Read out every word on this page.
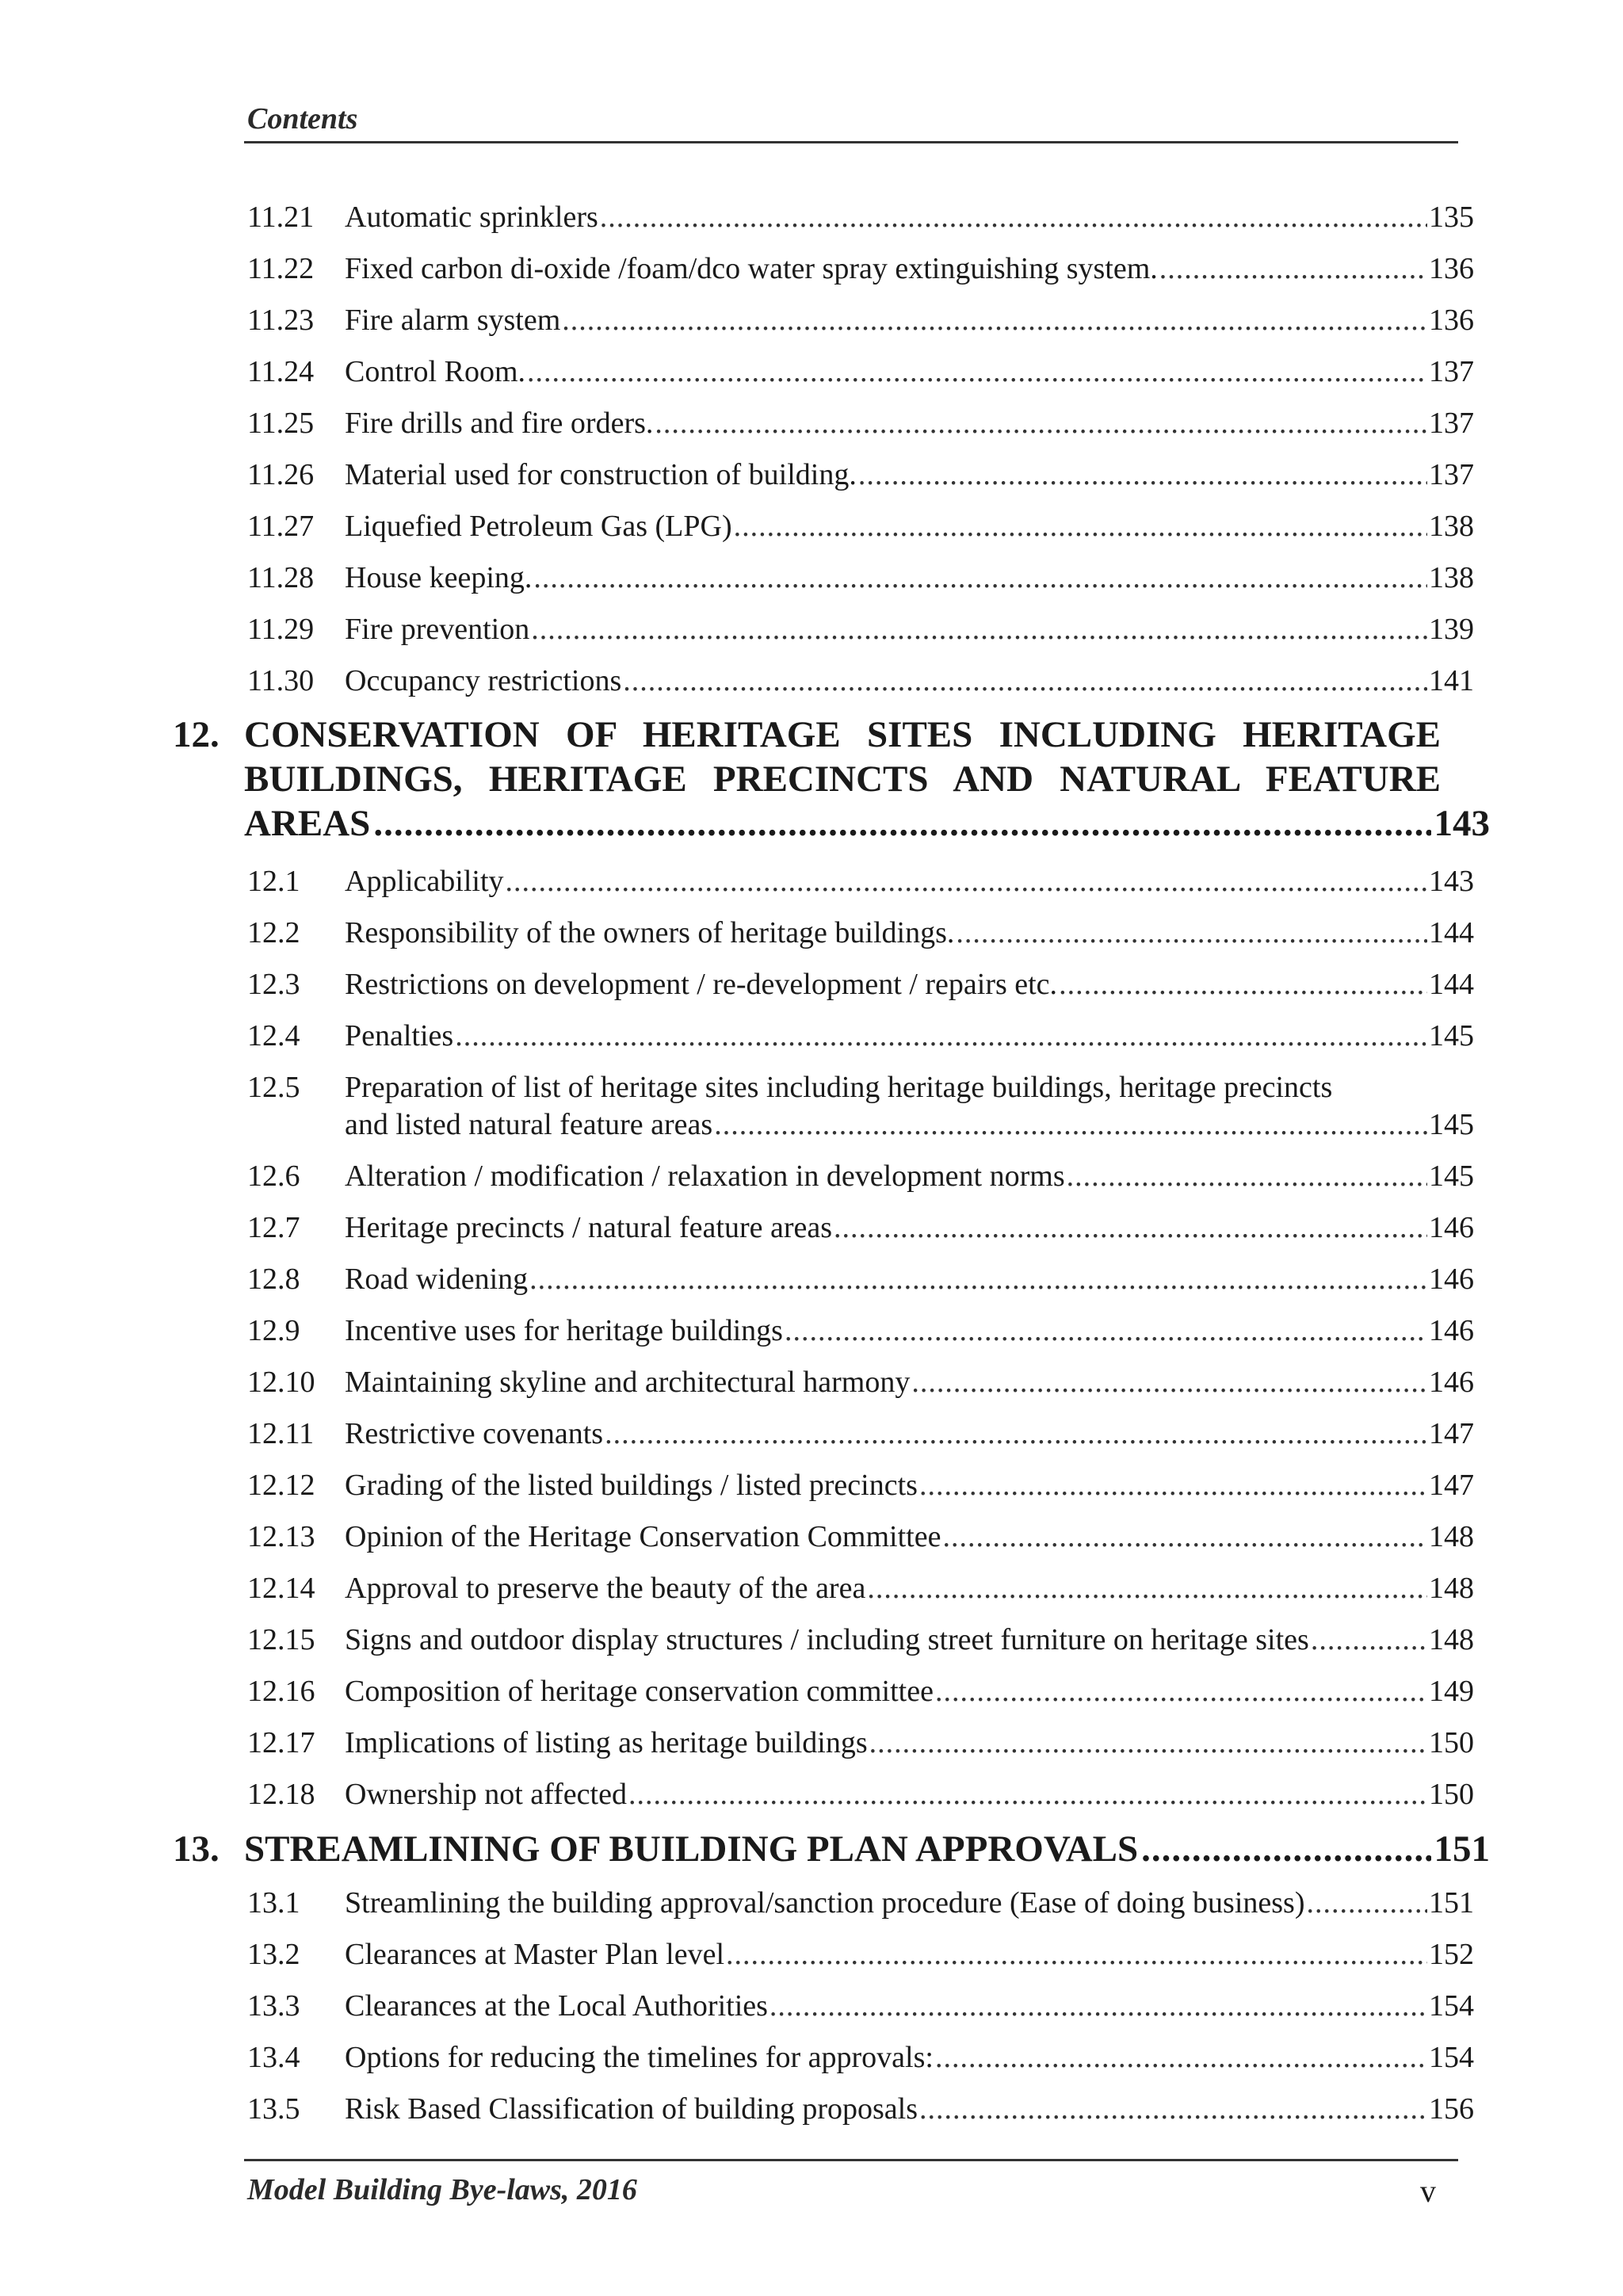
Contents
11.21 Automatic sprinklers .....	135
11.22 Fixed carbon di-oxide /foam/dco water spray extinguishing system. .....	136
11.23 Fire alarm system .....	136
11.24 Control Room. .....	137
11.25 Fire drills and fire orders. .....	137
11.26 Material used for construction of building. .....	137
11.27 Liquefied Petroleum Gas (LPG) .....	138
11.28 House keeping. .....	138
11.29 Fire prevention .....	139
11.30 Occupancy restrictions .....	141
12. CONSERVATION OF HERITAGE SITES INCLUDING HERITAGE
BUILDINGS, HERITAGE PRECINCTS AND NATURAL FEATURE
AREAS .....	143
12.1 Applicability .....	143
12.2 Responsibility of the owners of heritage buildings. .....	144
12.3 Restrictions on development / re-development / repairs etc. .....	144
12.4 Penalties .....	145
12.5 Preparation of list of heritage sites including heritage buildings, heritage precincts
and listed natural feature areas .....	145
12.6 Alteration / modification / relaxation in development norms .....	145
12.7 Heritage precincts / natural feature areas .....	146
12.8 Road widening .....	146
12.9 Incentive uses for heritage buildings .....	146
12.10 Maintaining skyline and architectural harmony .....	146
12.11 Restrictive covenants .....	147
12.12 Grading of the listed buildings / listed precincts .....	147
12.13 Opinion of the Heritage Conservation Committee .....	148
12.14 Approval to preserve the beauty of the area .....	148
12.15 Signs and outdoor display structures / including street furniture on heritage sites .....	148
12.16 Composition of heritage conservation committee .....	149
12.17 Implications of listing as heritage buildings .....	150
12.18 Ownership not affected .....	150
13. STREAMLINING OF BUILDING PLAN APPROVALS .....	151
13.1 Streamlining the building approval/sanction procedure (Ease of doing business) .....	151
13.2 Clearances at Master Plan level .....	152
13.3 Clearances at the Local Authorities .....	154
13.4 Options for reducing the timelines for approvals: .....	154
13.5 Risk Based Classification of building proposals .....	156
Model Building Bye-laws, 2016	v
